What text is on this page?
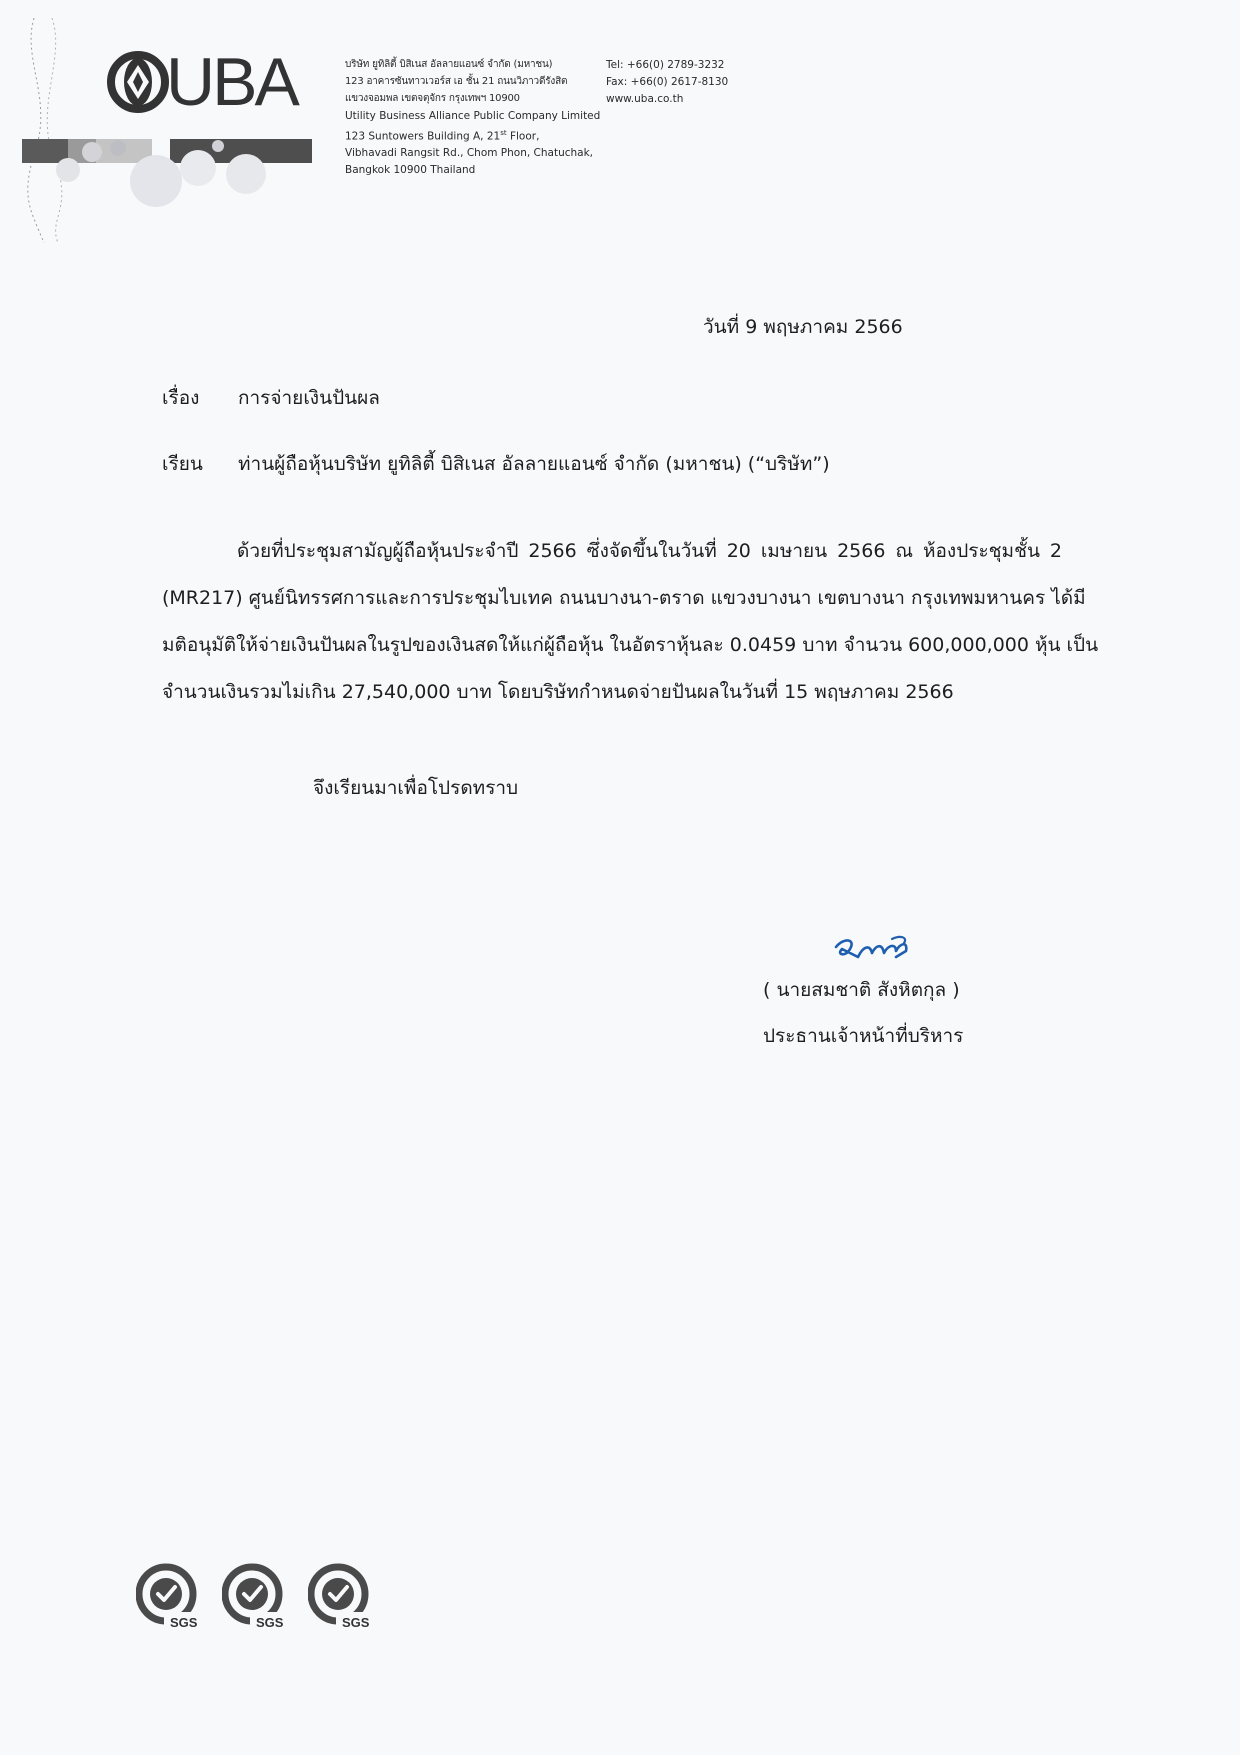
UBA	บริษัท ยูทิลิตี้ บิสิเนส อัลลายแอนซ์ จำกัด (มหาชน)
123 อาคารซันทาวเวอร์ส เอ ชั้น 21 ถนนวิภาวดีรังสิต
แขวงจอมพล เขตจตุจักร กรุงเทพฯ 10900
Utility Business Alliance Public Company Limited
123 Suntowers Building A, 21st Floor,
Vibhavadi Rangsit Rd., Chom Phon, Chatuchak,
Bangkok 10900 Thailand
Tel: +66(0) 2789-3232
Fax: +66(0) 2617-8130
www.uba.co.th
วันที่ 9 พฤษภาคม 2566
เรื่อง การจ่ายเงินปันผล
เรียน ท่านผู้ถือหุ้นบริษัท ยูทิลิตี้ บิสิเนส อัลลายแอนซ์ จำกัด (มหาชน) (“บริษัท”)
ด้วยที่ประชุมสามัญผู้ถือหุ้นประจำปี 2566 ซึ่งจัดขึ้นในวันที่ 20 เมษายน 2566 ณ ห้องประชุมชั้น 2
(MR217) ศูนย์นิทรรศการและการประชุมไบเทค ถนนบางนา-ตราด แขวงบางนา เขตบางนา กรุงเทพมหานคร ได้มี
มติอนุมัติให้จ่ายเงินปันผลในรูปของเงินสดให้แก่ผู้ถือหุ้น ในอัตราหุ้นละ 0.0459 บาท จำนวน 600,000,000 หุ้น เป็น
จำนวนเงินรวมไม่เกิน 27,540,000 บาท โดยบริษัทกำหนดจ่ายปันผลในวันที่ 15 พฤษภาคม 2566
จึงเรียนมาเพื่อโปรดทราบ
( นายสมชาติ สังหิตกุล )
ประธานเจ้าหน้าที่บริหาร
SGS	SGS	SGS
